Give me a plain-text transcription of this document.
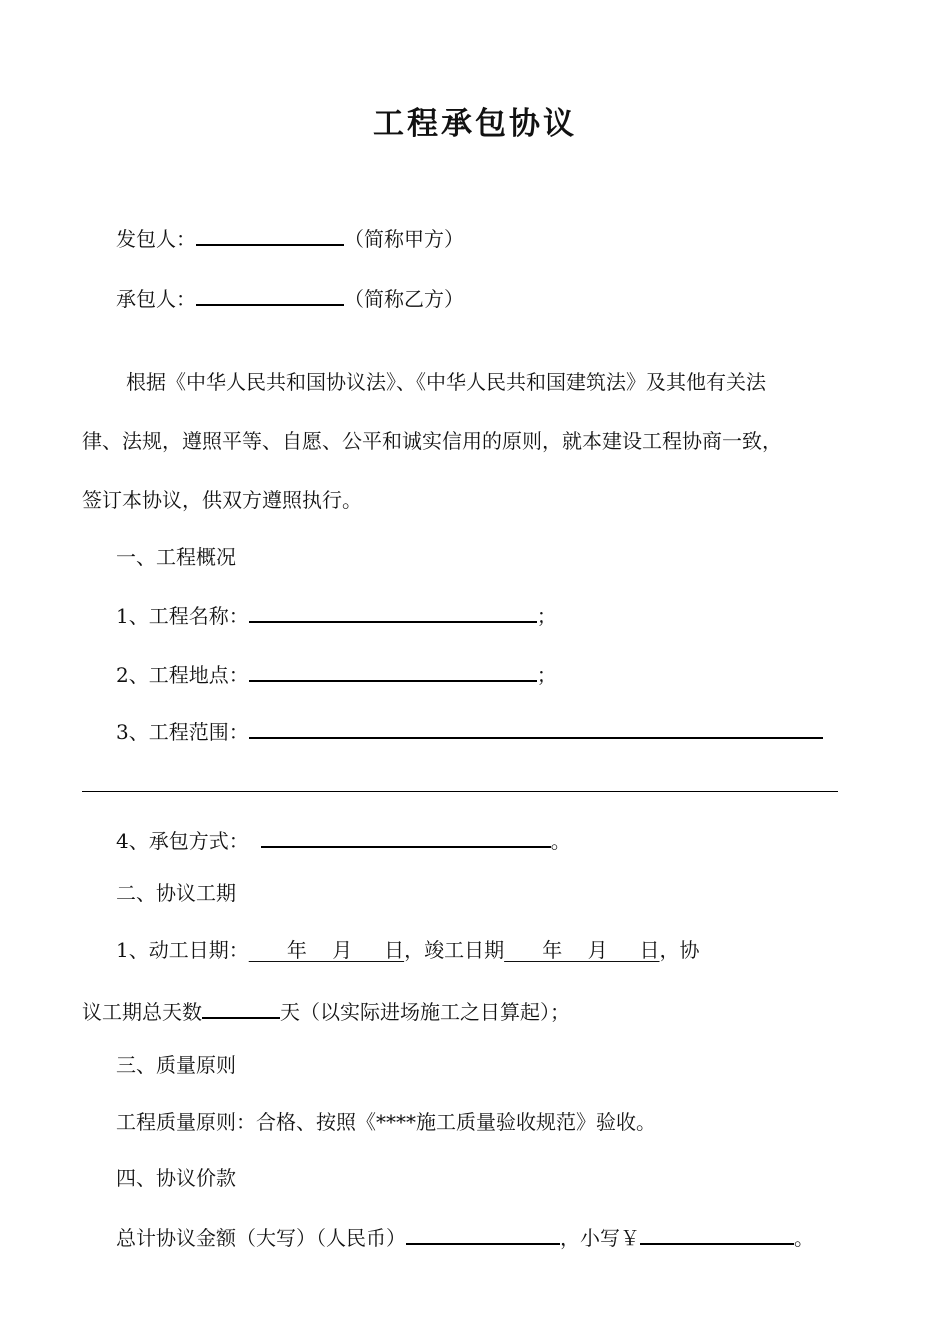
工程承包协议
发包人：	（简称甲方）
承包人：	（简称乙方）
根据《中华人民共和国协议法》、《中华人民共和国建筑法》及其他有关法
律、法规，遵照平等、自愿、公平和诚实信用的原则，就本建设工程协商一致，
签订本协议，供双方遵照执行。
一、工程概况
1、工程名称：	；
2、工程地点：	；
3、工程范围：
4、承包方式：	。
二、协议工期
1、动工日期：      年    月     日，竣工日期      年    月     日，协
议工期总天数	天（以实际进场施工之日算起）；
三、质量原则
工程质量原则：合格、按照《****施工质量验收规范》验收。
四、协议价款
总计协议金额（大写）（人民币）	，小写￥	。
